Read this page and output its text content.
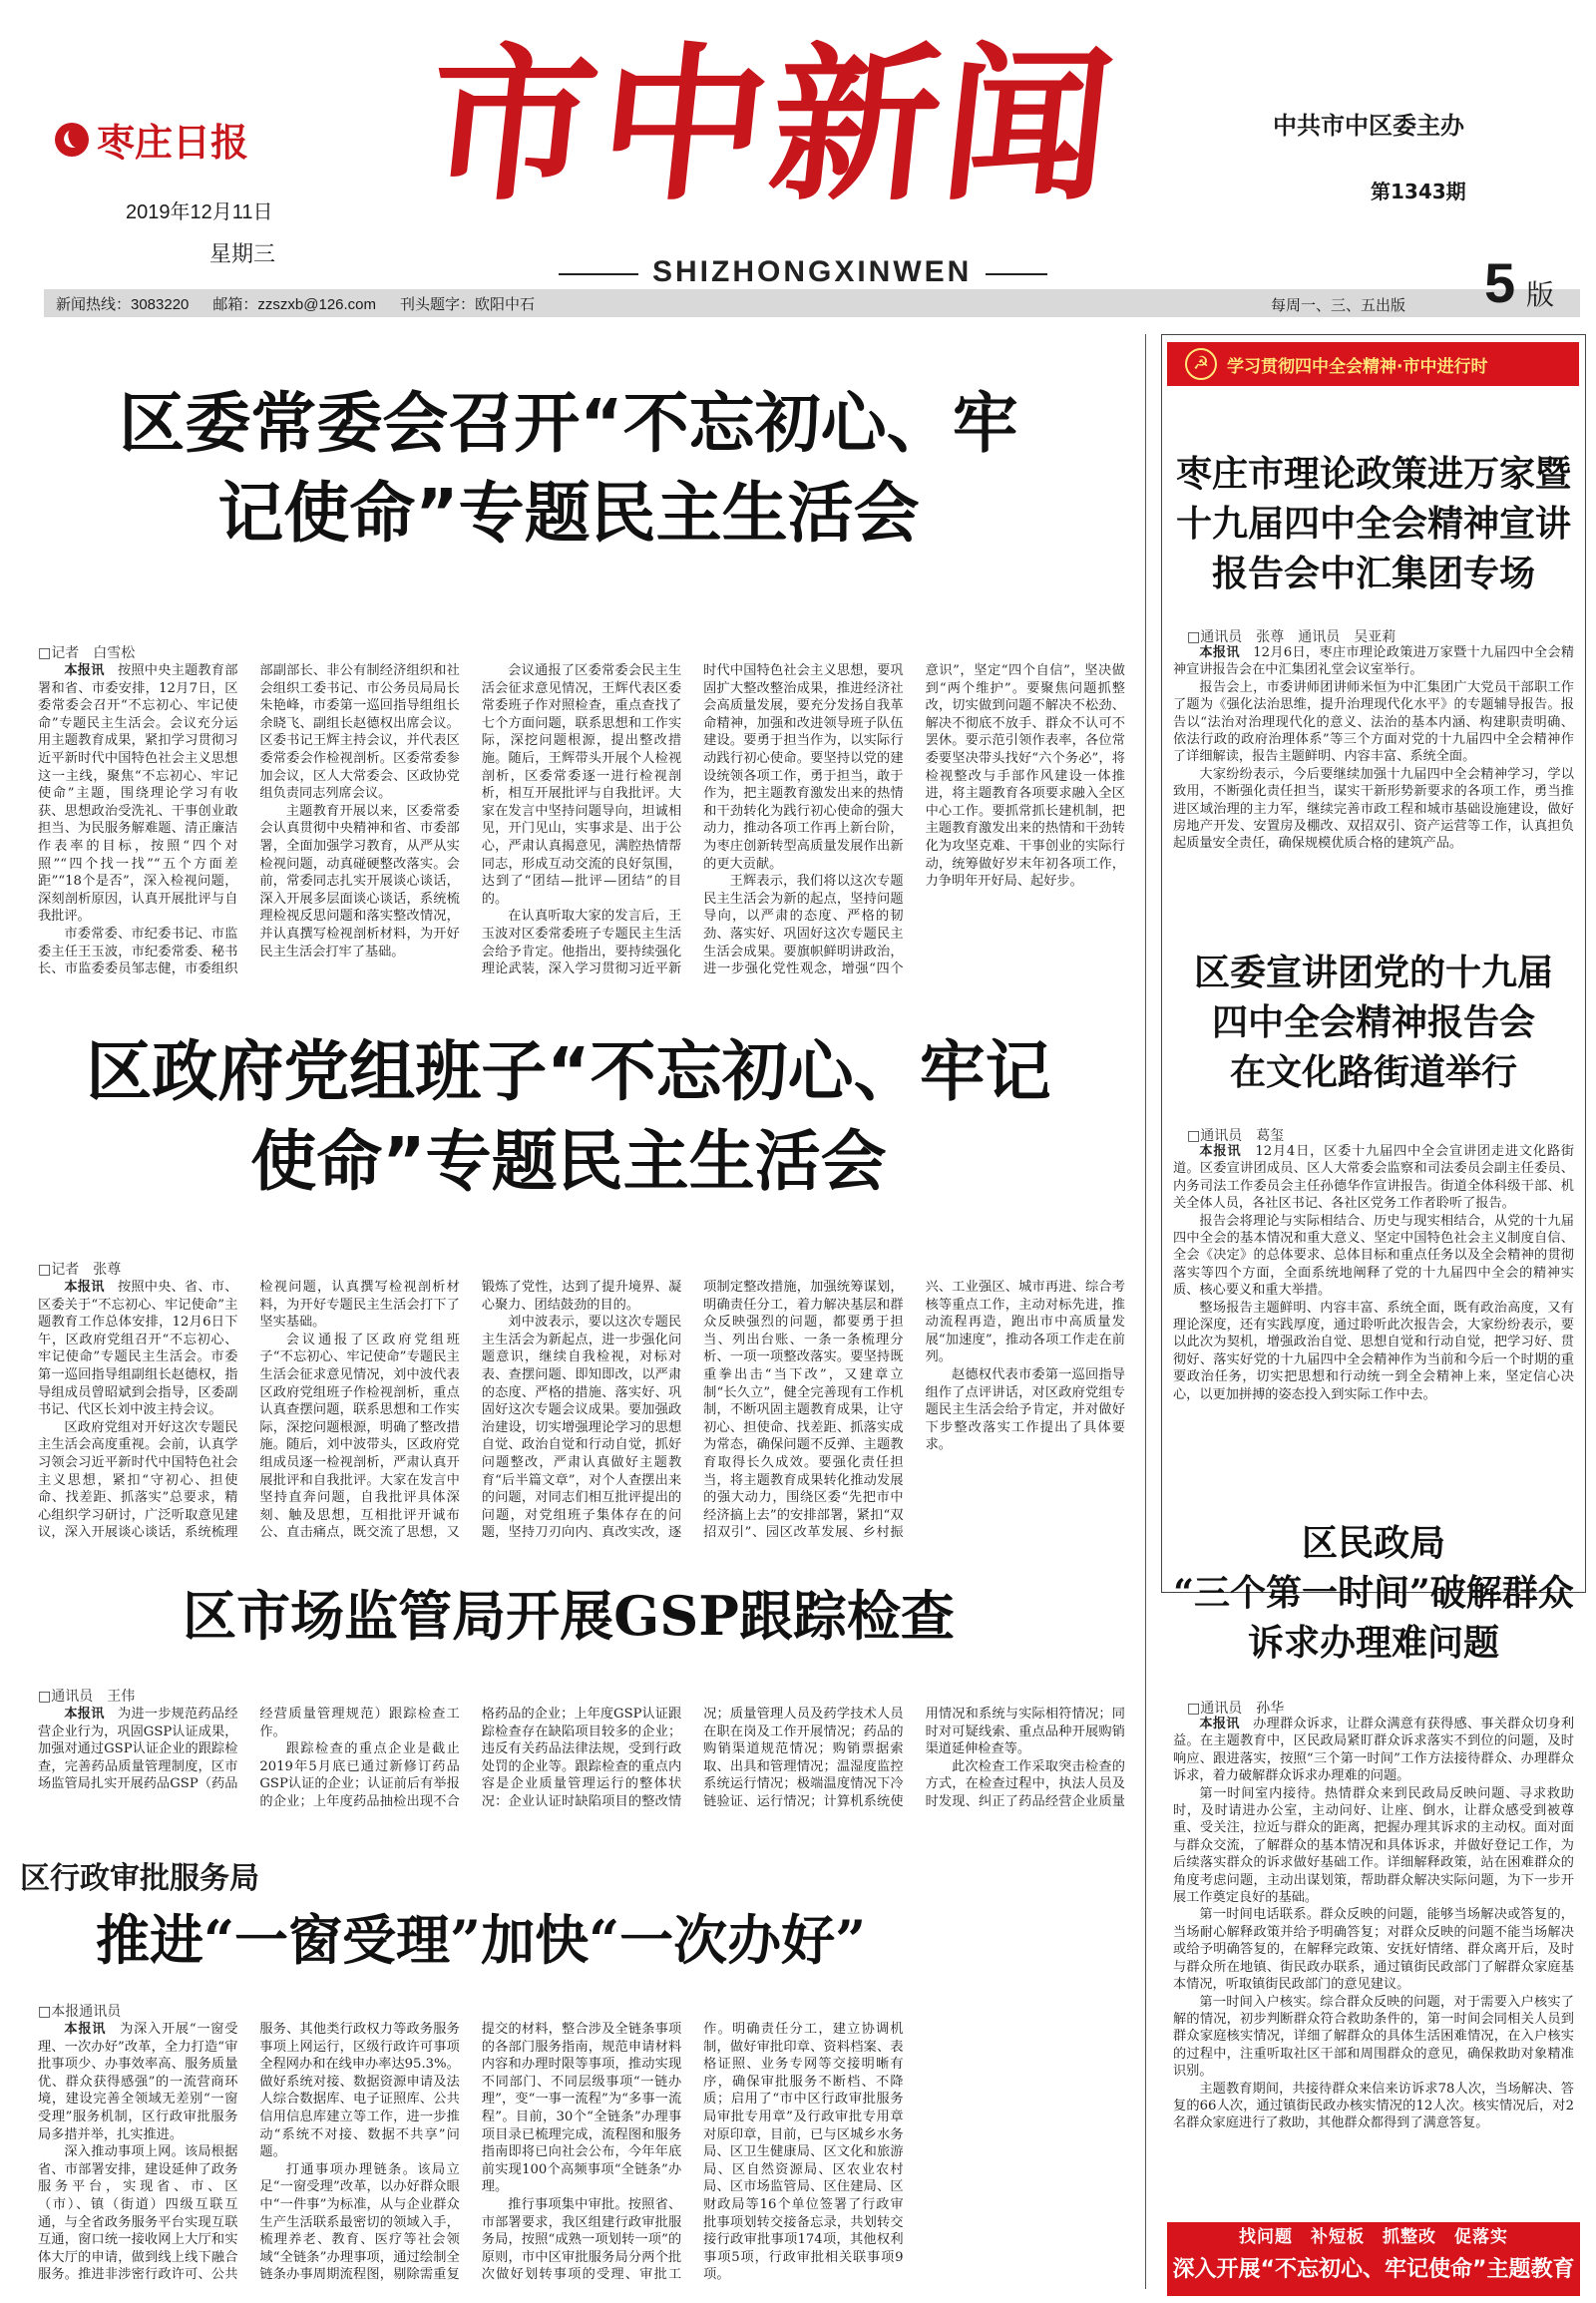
枣庄日报 市中新闻
SHIZHONGXINWEN
2019年12月11日
星期三
中共市中区委主办
第1343期
新闻热线：3083220 邮箱：zzszxb@126.com 刊头题字：欧阳中石	每周一、三、五出版 5 版
区委常委会召开“不忘初心、牢
记使命”专题民主生活会
□记者　白雪松

本报讯　 按照中央主题教育部署和省、市委安排，12月7日，区委常委会召开“不忘初心、牢记使命”专题民主生活会。会议充分运用主题教育成果，紧扣学习贯彻习近平新时代中国特色社会主义思想这一主线，聚焦“不忘初心、牢记使命”主题，围绕理论学习有收获、思想政治受洗礼、干事创业敢担当、为民服务解难题、清正廉洁作表率的目标，按照“四个对照”“四个找一找”“五个方面差距”“18个是否”，深入检视问题，深刻剖析原因，认真开展批评与自我批评。

市委常委、市纪委书记、市监委主任王玉波，市纪委常委、秘书长、市监委委员邹志健，市委组织部副部长、非公有制经济组织和社会组织工委书记、市公务员局局长朱艳峰，市委第一巡回指导组组长余晓飞、副组长赵德权出席会议。区委书记王辉主持会议，并代表区委常委会作检视剖析。区委常委参加会议，区人大常委会、区政协党组负责同志列席会议。

主题教育开展以来，区委常委会认真贯彻中央精神和省、市委部署，全面加强学习教育，从严从实检视问题，动真碰硬整改落实。会前，常委同志扎实开展谈心谈话，深入开展多层面谈心谈话，系统梳理检视反思问题和落实整改情况，并认真撰写检视剖析材料，为开好民主生活会打牢了基础。

会议通报了区委常委会民主生活会征求意见情况，王辉代表区委常委班子作对照检查，重点查找了七个方面问题，联系思想和工作实际，深挖问题根源，提出整改措施。随后，王辉带头开展个人检视剖析，区委常委逐一进行检视剖析，相互开展批评与自我批评。大家在发言中坚持问题导向，坦诚相见，开门见山，实事求是、出于公心，严肃认真揭意见，满腔热情帮同志，形成互动交流的良好氛围，达到了“团结—批评—团结”的目的。

在认真听取大家的发言后，王玉波对区委常委班子专题民主生活会给予肯定。他指出，要持续强化理论武装，深入学习贯彻习近平新时代中国特色社会主义思想，要巩固扩大整改整治成果，推进经济社会高质量发展，要充分发扬自我革命精神，加强和改进领导班子队伍建设。要勇于担当作为，以实际行动践行初心使命。要坚持以党的建设统领各项工作，勇于担当，敢于作为，把主题教育激发出来的热情和干劲转化为践行初心使命的强大动力，推动各项工作再上新台阶，为枣庄创新转型高质量发展作出新的更大贡献。

王辉表示，我们将以这次专题民主生活会为新的起点，坚持问题导向，以严肃的态度、严格的韧劲、落实好、巩固好这次专题民主生活会成果。要旗帜鲜明讲政治，进一步强化党性观念，增强“四个意识”，坚定“四个自信”，坚决做到“两个维护”。要聚焦问题抓整改，切实做到问题不解决不松劲、解决不彻底不放手、群众不认可不罢休。要示范引领作表率，各位常委要坚决带头找好“六个务必”，将检视整改与手部作风建设一体推进，将主题教育各项要求融入全区中心工作。要抓常抓长建机制，把主题教育激发出来的热情和干劲转化为攻坚克难、干事创业的实际行动，统筹做好岁末年初各项工作，力争明年开好局、起好步。

区政府党组班子“不忘初心、牢记
使命”专题民主生活会
□记者　张尊

本报讯　 按照中央、省、市、区委关于“不忘初心、牢记使命”主题教育工作总体安排，12月6日下午，区政府党组召开“不忘初心、牢记使命”专题民主生活会。市委第一巡回指导组副组长赵德权，指导组成员曾昭斌到会指导，区委副书记、代区长刘中波主持会议。

区政府党组对开好这次专题民主生活会高度重视。会前，认真学习领会习近平新时代中国特色社会主义思想，紧扣“守初心、担使命、找差距、抓落实”总要求，精心组织学习研讨，广泛听取意见建议，深入开展谈心谈话，系统梳理检视问题，认真撰写检视剖析材料，为开好专题民主生活会打下了坚实基础。

会议通报了区政府党组班子“不忘初心、牢记使命”专题民主生活会征求意见情况，刘中波代表区政府党组班子作检视剖析，重点认真查摆问题，联系思想和工作实际，深挖问题根源，明确了整改措施。随后，刘中波带头，区政府党组成员逐一检视剖析，严肃认真开展批评和自我批评。大家在发言中坚持直奔问题，自我批评具体深刻、触及思想，互相批评开诚布公、直击痛点，既交流了思想，又锻炼了党性，达到了提升境界、凝心聚力、团结鼓劲的目的。

刘中波表示，要以这次专题民主生活会为新起点，进一步强化问题意识，继续自我检视，对标对表、查摆问题、即知即改，以严肃的态度、严格的措施、落实好、巩固好这次专题会议成果。要加强政治建设，切实增强理论学习的思想自觉、政治自觉和行动自觉，抓好问题整改，严肃认真做好主题教育“后半篇文章”，对个人查摆出来的问题，对同志们相互批评提出的问题，对党组班子集体存在的问题，坚持刀刃向内、真改实改，逐项制定整改措施，加强统筹谋划，明确责任分工，着力解决基层和群众反映强烈的问题，都要勇于担当、列出台账、一条一条梳理分析、一项一项整改落实。要坚持既重拳出击“当下改”，又建章立制“长久立”，健全完善现有工作机制，不断巩固主题教育成果，让守初心、担使命、找差距、抓落实成为常态，确保问题不反弹、主题教育取得长久成效。要强化责任担当，将主题教育成果转化推动发展的强大动力，围绕区委“先把市中经济搞上去”的安排部署，紧扣“双招双引”、园区改革发展、乡村振兴、工业强区、城市再进、综合考核等重点工作，主动对标先进，推动流程再造，跑出市中高质量发展“加速度”，推动各项工作走在前列。

赵德权代表市委第一巡回指导组作了点评讲话，对区政府党组专题民主生活会给予肯定，并对做好下步整改落实工作提出了具体要求。

区市场监管局开展GSP跟踪检查
□通讯员　王伟

本报讯　 为进一步规范药品经营企业行为，巩固GSP认证成果，加强对通过GSP认证企业的跟踪检查，完善药品质量管理制度，区市场监管局扎实开展药品GSP（药品经营质量管理规范）跟踪检查工作。

跟踪检查的重点企业是截止2019年5月底已通过新修订药品GSP认证的企业；认证前后有举报的企业；上年度药品抽检出现不合格药品的企业；上年度GSP认证跟踪检查存在缺陷项目较多的企业；违反有关药品法律法规，受到行政处罚的企业等。跟踪检查的重点内容是企业质量管理运行的整体状况：企业认证时缺陷项目的整改情况；质量管理人员及药学技术人员在职在岗及工作开展情况；药品的购销渠道规范情况；购销票据索取、出具和管理情况；温湿度监控系统运行情况；极端温度情况下冷链验证、运行情况；计算机系统使用情况和系统与实际相符情况；同时对可疑线索、重点品种开展购销渠道延伸检查等。

此次检查工作采取突击检查的方式，在检查过程中，执法人员及时发现、纠正了药品经营企业质量

区行政审批服务局
推进“一窗受理”加快“一次办好”
□本报通讯员

本报讯　 为深入开展“一窗受理、一次办好”改革，全力打造“审批事项少、办事效率高、服务质量优、群众获得感强”的一流营商环境，建设完善全领域无差别“一窗受理”服务机制，区行政审批服务局多措并举，扎实推进。

深入推动事项上网。该局根据省、市部署安排，建设延伸了政务服务平台，实现省、市、区（市）、镇（街道）四级互联互通，与全省政务服务平台实现互联互通，窗口统一接收网上大厅和实体大厅的申请，做到线上线下融合服务。推进非涉密行政许可、公共服务、其他类行政权力等政务服务事项上网运行，区级行政许可事项全程网办和在线申办率达95.3%。做好系统对接、数据资源申请及法人综合数据库、电子证照库、公共信用信息库建立等工作，进一步推动“系统不对接、数据不共享”问题。

打通事项办理链条。该局立足“一窗受理”改革，以办好群众眼中“一件事”为标准，从与企业群众生产生活联系最密切的领域入手，梳理养老、教育、医疗等社会领域“全链条”办理事项，通过绘制全链条办事周期流程图，剔除需重复提交的材料，整合涉及全链条事项的各部门服务指南，规范申请材料内容和办理时限等事项，推动实现不同部门、不同层级事项“一链办理”，变“一事一流程”为“多事一流程”。目前，30个“全链条”办理事项目录已梳理完成，流程图和服务指南即将已向社会公布，今年年底前实现100个高频事项“全链条”办理。

推行事项集中审批。按照省、市部署要求，我区组建行政审批服务局，按照“成熟一项划转一项”的原则，市中区审批服务局分两个批次做好划转事项的受理、审批工作。明确责任分工，建立协调机制，做好审批印章、资料档案、表格证照、业务专网等交接明晰有序，确保审批服务不断档、不降质；启用了“市中区行政审批服务局审批专用章”及行政审批专用章对原印章，目前，已与区城乡水务局、区卫生健康局、区文化和旅游局、区自然资源局、区农业农村局、区市场监管局、区住建局、区财政局等16个单位签署了行政审批事项划转交接备忘录，共划转交接行政审批事项174项，其他权利事项5项，行政审批相关联事项9项。

☭	学习贯彻四中全会精神·市中进行时
枣庄市理论政策进万家暨
十九届四中全会精神宣讲
报告会中汇集团专场
□通讯员　张尊　通讯员　吴亚莉

本报讯　 12月6日，枣庄市理论政策进万家暨十九届四中全会精神宣讲报告会在中汇集团礼堂会议室举行。

报告会上，市委讲师团讲师米恒为中汇集团广大党员干部职工作了题为《强化法治思维，提升治理现代化水平》的专题辅导报告。报告以“法治对治理现代化的意义、法治的基本内涵、构建职责明确、依法行政的政府治理体系”等三个方面对党的十九届四中全会精神作了详细解读，报告主题鲜明、内容丰富、系统全面。

大家纷纷表示，今后要继续加强十九届四中全会精神学习，学以致用，不断强化责任担当，谋实干新形势新要求的各项工作，勇当推进区域治理的主力军，继续完善市政工程和城市基础设施建设，做好房地产开发、安置房及棚改、双招双引、资产运营等工作，认真担负起质量安全责任，确保规模优质合格的建筑产品。

区委宣讲团党的十九届
四中全会精神报告会
在文化路街道举行
□通讯员　葛玺

本报讯　 12月4日，区委十九届四中全会宣讲团走进文化路街道。区委宣讲团成员、区人大常委会监察和司法委员会副主任委员、内务司法工作委员会主任孙德华作宣讲报告。街道全体科级干部、机关全体人员，各社区书记、各社区党务工作者聆听了报告。

报告会将理论与实际相结合、历史与现实相结合，从党的十九届四中全会的基本情况和重大意义、坚定中国特色社会主义制度自信、全会《决定》的总体要求、总体目标和重点任务以及全会精神的贯彻落实等四个方面，全面系统地阐释了党的十九届四中全会的精神实质、核心要义和重大举措。

整场报告主题鲜明、内容丰富、系统全面，既有政治高度，又有理论深度，还有实践厚度，通过聆听此次报告会，大家纷纷表示，要以此次为契机，增强政治自觉、思想自觉和行动自觉，把学习好、贯彻好、落实好党的十九届四中全会精神作为当前和今后一个时期的重要政治任务，切实把思想和行动统一到全会精神上来，坚定信心决心，以更加拼搏的姿态投入到实际工作中去。

区民政局
“三个第一时间”破解群众
诉求办理难问题
□通讯员　孙华

本报讯　 办理群众诉求，让群众满意有获得感、事关群众切身利益。在主题教育中，区民政局紧盯群众诉求落实不到位的问题，及时响应、跟进落实，按照“三个第一时间”工作方法接待群众、办理群众诉求，着力破解群众诉求办理难的问题。

第一时间室内接待。热情群众来到民政局反映问题、寻求救助时，及时请进办公室，主动问好、让座、倒水，让群众感受到被尊重、受关注，拉近与群众的距离，把握办理其诉求的主动权。面对面与群众交流，了解群众的基本情况和具体诉求，并做好登记工作，为后续落实群众的诉求做好基础工作。详细解释政策，站在困难群众的角度考虑问题，主动出谋划策，帮助群众解决实际问题，为下一步开展工作奠定良好的基础。

第一时间电话联系。群众反映的问题，能够当场解决或答复的，当场耐心解释政策并给予明确答复；对群众反映的问题不能当场解决或给予明确答复的，在解释完政策、安抚好情绪、群众离开后，及时与群众所在地镇、街民政办联系，通过镇街民政部门了解群众家庭基本情况，听取镇街民政部门的意见建议。

第一时间入户核实。综合群众反映的问题，对于需要入户核实了解的情况，初步判断群众符合救助条件的，第一时间会同相关人员到群众家庭核实情况，详细了解群众的具体生活困难情况，在入户核实的过程中，注重听取社区干部和周围群众的意见，确保救助对象精准识别。

主题教育期间，共接待群众来信来访诉求78人次，当场解决、答复的66人次，通过镇街民政办核实情况的12人次。核实情况后，对2名群众家庭进行了救助，其他群众都得到了满意答复。

找问题　补短板　抓整改　促落实
深入开展“不忘初心、牢记使命”主题教育
